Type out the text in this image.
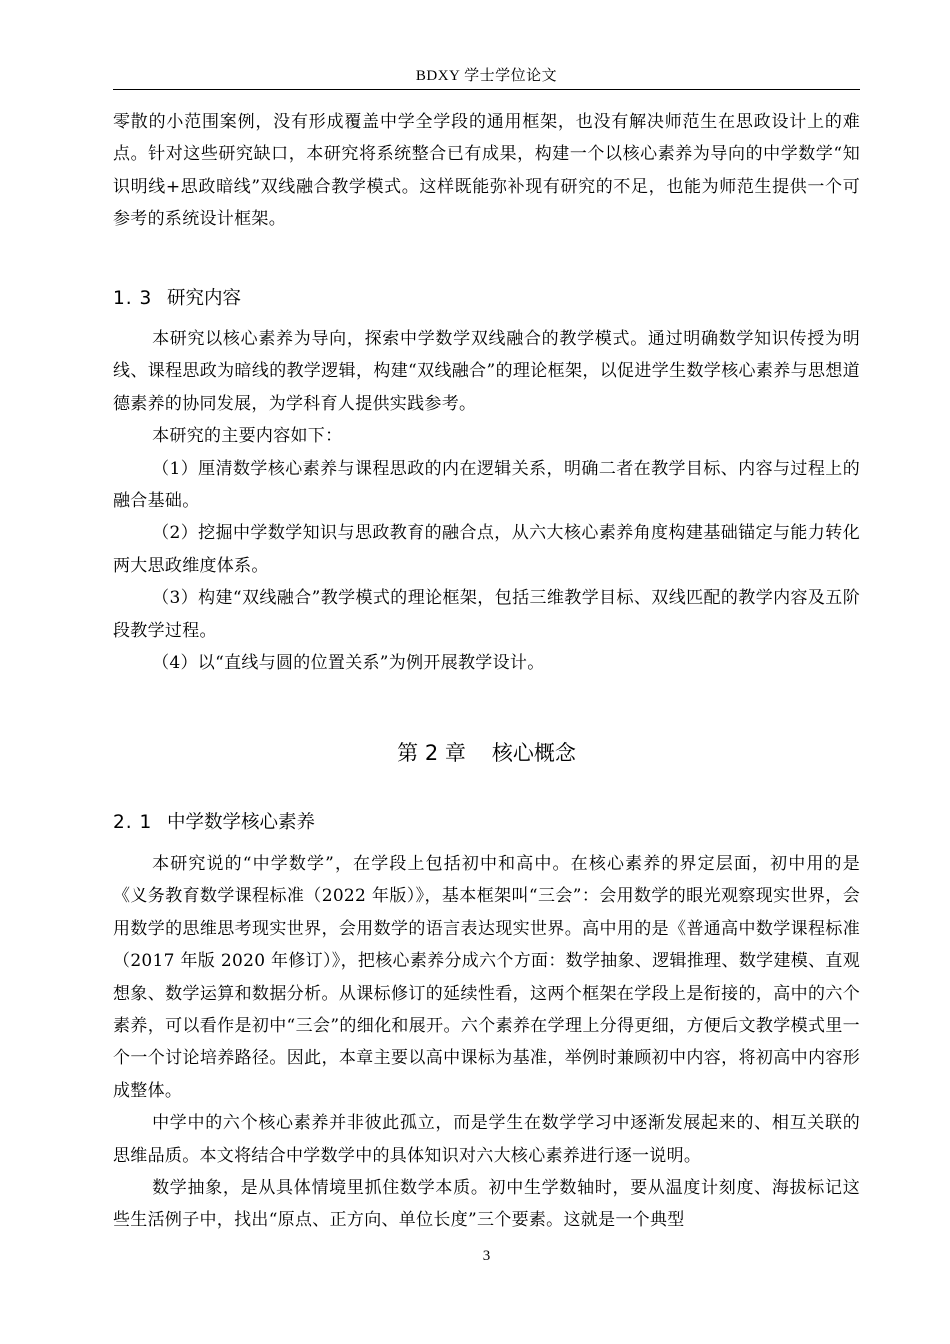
BDXY 学士学位论文

零散的小范围案例，没有形成覆盖中学全学段的通用框架，也没有解决师范生在思政设计上的难点。针对这些研究缺口，本研究将系统整合已有成果，构建一个以核心素养为导向的中学数学“知识明线+思政暗线”双线融合教学模式。这样既能弥补现有研究的不足，也能为师范生提供一个可参考的系统设计框架。

1. 3 研究内容

本研究以核心素养为导向，探索中学数学双线融合的教学模式。通过明确数学知识传授为明线、课程思政为暗线的教学逻辑，构建“双线融合”的理论框架，以促进学生数学核心素养与思想道德素养的协同发展，为学科育人提供实践参考。

本研究的主要内容如下：

（1）厘清数学核心素养与课程思政的内在逻辑关系，明确二者在教学目标、内容与过程上的融合基础。

（2）挖掘中学数学知识与思政教育的融合点，从六大核心素养角度构建基础锚定与能力转化两大思政维度体系。

（3）构建“双线融合”教学模式的理论框架，包括三维教学目标、双线匹配的教学内容及五阶段教学过程。

（4）以“直线与圆的位置关系”为例开展教学设计。

第 2 章 核心概念
2. 1 中学数学核心素养

本研究说的“中学数学”，在学段上包括初中和高中。在核心素养的界定层面，初中用的是《义务教育数学课程标准（2022 年版）》，基本框架叫“三会”：会用数学的眼光观察现实世界，会用数学的思维思考现实世界，会用数学的语言表达现实世界。高中用的是《普通高中数学课程标准（2017 年版 2020 年修订）》，把核心素养分成六个方面：数学抽象、逻辑推理、数学建模、直观想象、数学运算和数据分析。从课标修订的延续性看，这两个框架在学段上是衔接的，高中的六个素养，可以看作是初中“三会”的细化和展开。六个素养在学理上分得更细，方便后文教学模式里一个一个讨论培养路径。因此，本章主要以高中课标为基准，举例时兼顾初中内容，将初高中内容形成整体。

中学中的六个核心素养并非彼此孤立，而是学生在数学学习中逐渐发展起来的、相互关联的思维品质。本文将结合中学数学中的具体知识对六大核心素养进行逐一说明。

数学抽象，是从具体情境里抓住数学本质。初中生学数轴时，要从温度计刻度、海拔标记这些生活例子中，找出“原点、正方向、单位长度”三个要素。这就是一个典型

3
